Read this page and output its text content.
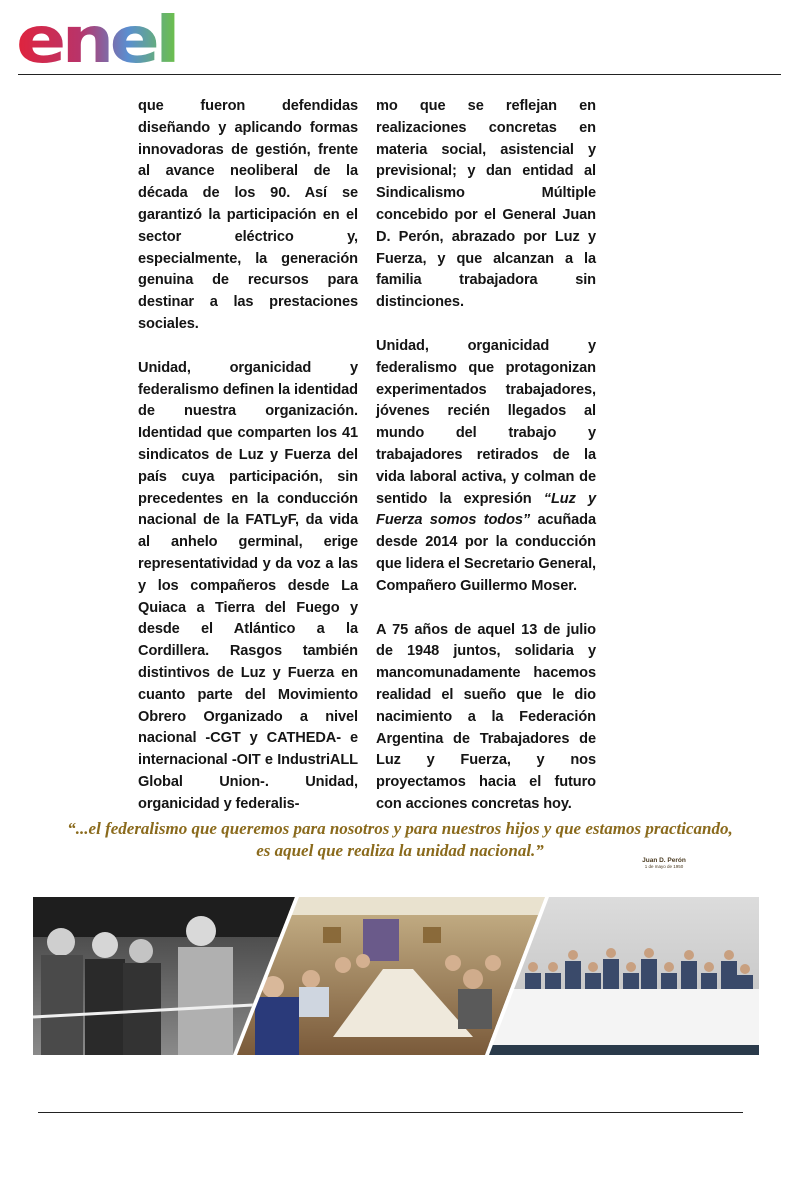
enel

que fueron defendidas diseñando y aplicando formas innovadoras de gestión, frente al avance neoliberal de la década de los 90. Así se garantizó la participación en el sector eléctrico y, especialmente, la generación genuina de recursos para destinar a las prestaciones sociales.

Unidad, organicidad y federalismo definen la identidad de nuestra organización. Identidad que comparten los 41 sindicatos de Luz y Fuerza del país cuya participación, sin precedentes en la conducción nacional de la FATLyF, da vida al anhelo germinal, erige representatividad y da voz a las y los compañeros desde La Quiaca a Tierra del Fuego y desde el Atlántico a la Cordillera. Rasgos también distintivos de Luz y Fuerza en cuanto parte del Movimiento Obrero Organizado a nivel nacional -CGT y CATHEDA- e internacional -OIT e IndustriALL Global Union-. Unidad, organicidad y federalis-

mo que se reflejan en realizaciones concretas en materia social, asistencial y previsional; y dan entidad al Sindicalismo Múltiple concebido por el General Juan D. Perón, abrazado por Luz y Fuerza, y que alcanzan a la familia trabajadora sin distinciones.

Unidad, organicidad y federalismo que protagonizan experimentados trabajadores, jóvenes recién llegados al mundo del trabajo y trabajadores retirados de la vida laboral activa, y colman de sentido la expresión “Luz y Fuerza somos todos” acuñada desde 2014 por la conducción que lidera el Secretario General, Compañero Guillermo Moser.

A 75 años de aquel 13 de julio de 1948 juntos, solidaria y mancomunadamente hacemos realidad el sueño que le dio nacimiento a la Federación Argentina de Trabajadores de Luz y Fuerza, y nos proyectamos hacia el futuro con acciones concretas hoy.

“...el federalismo que queremos para nosotros y para nuestros hijos y que estamos practicando,
es aquel que realiza la unidad nacional.”
Juan D. Perón
1 de mayo de 1950
